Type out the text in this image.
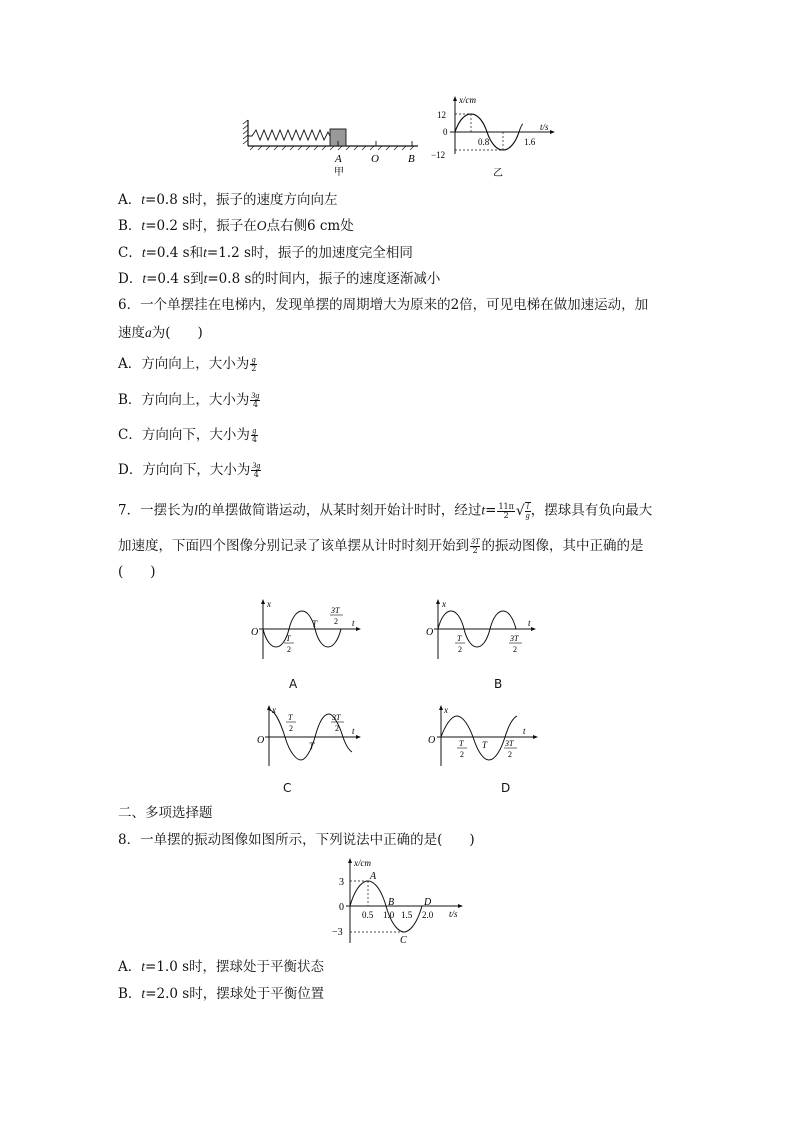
A	O	B
甲
x/cm
t/s
12
0
−12
0.8	1.6
乙
A．t=0.8 s时，振子的速度方向向左
B．t=0.2 s时，振子在O点右侧6 cm处
C．t=0.4 s和t=1.2 s时，振子的加速度完全相同
D．t=0.4 s到t=0.8 s的时间内，振子的速度逐渐减小
6．一个单摆挂在电梯内，发现单摆的周期增大为原来的2倍，可见电梯在做加速运动，加
速度a为(　　)
A．方向向上，大小为 $\frac{g}{2}$
B．方向向上，大小为 $\frac{3g}{4}$
C．方向向下，大小为 $\frac{g}{4}$
D．方向向下，大小为 $\frac{3g}{4}$
7．一摆长为l的单摆做简谐运动，从某时刻开始计时时，经过$t= \frac{11\pi}{2}$ √ $\frac{l}{g}$ ，摆球具有负向最大
加速度，下面四个图像分别记录了该单摆从计时时刻开始到 $\frac{3T}{2}$ 的振动图像，其中正确的是
(　　)
x
t
O
T
T
2
3T
2
A
x
t
O
T
2
3T
2
B
x
t
O
T
2
T
3T
2
C
x
t
O	T
2
T 3T
2
D
二、多项选择题
8．一单摆的振动图像如图所示，下列说法中正确的是(　　)
x/cm
t/s
3
0
−3
0.5 1.0 1.5 2.0
A
B
C
D
A．t=1.0 s时，摆球处于平衡状态
B．t=2.0 s时，摆球处于平衡位置
